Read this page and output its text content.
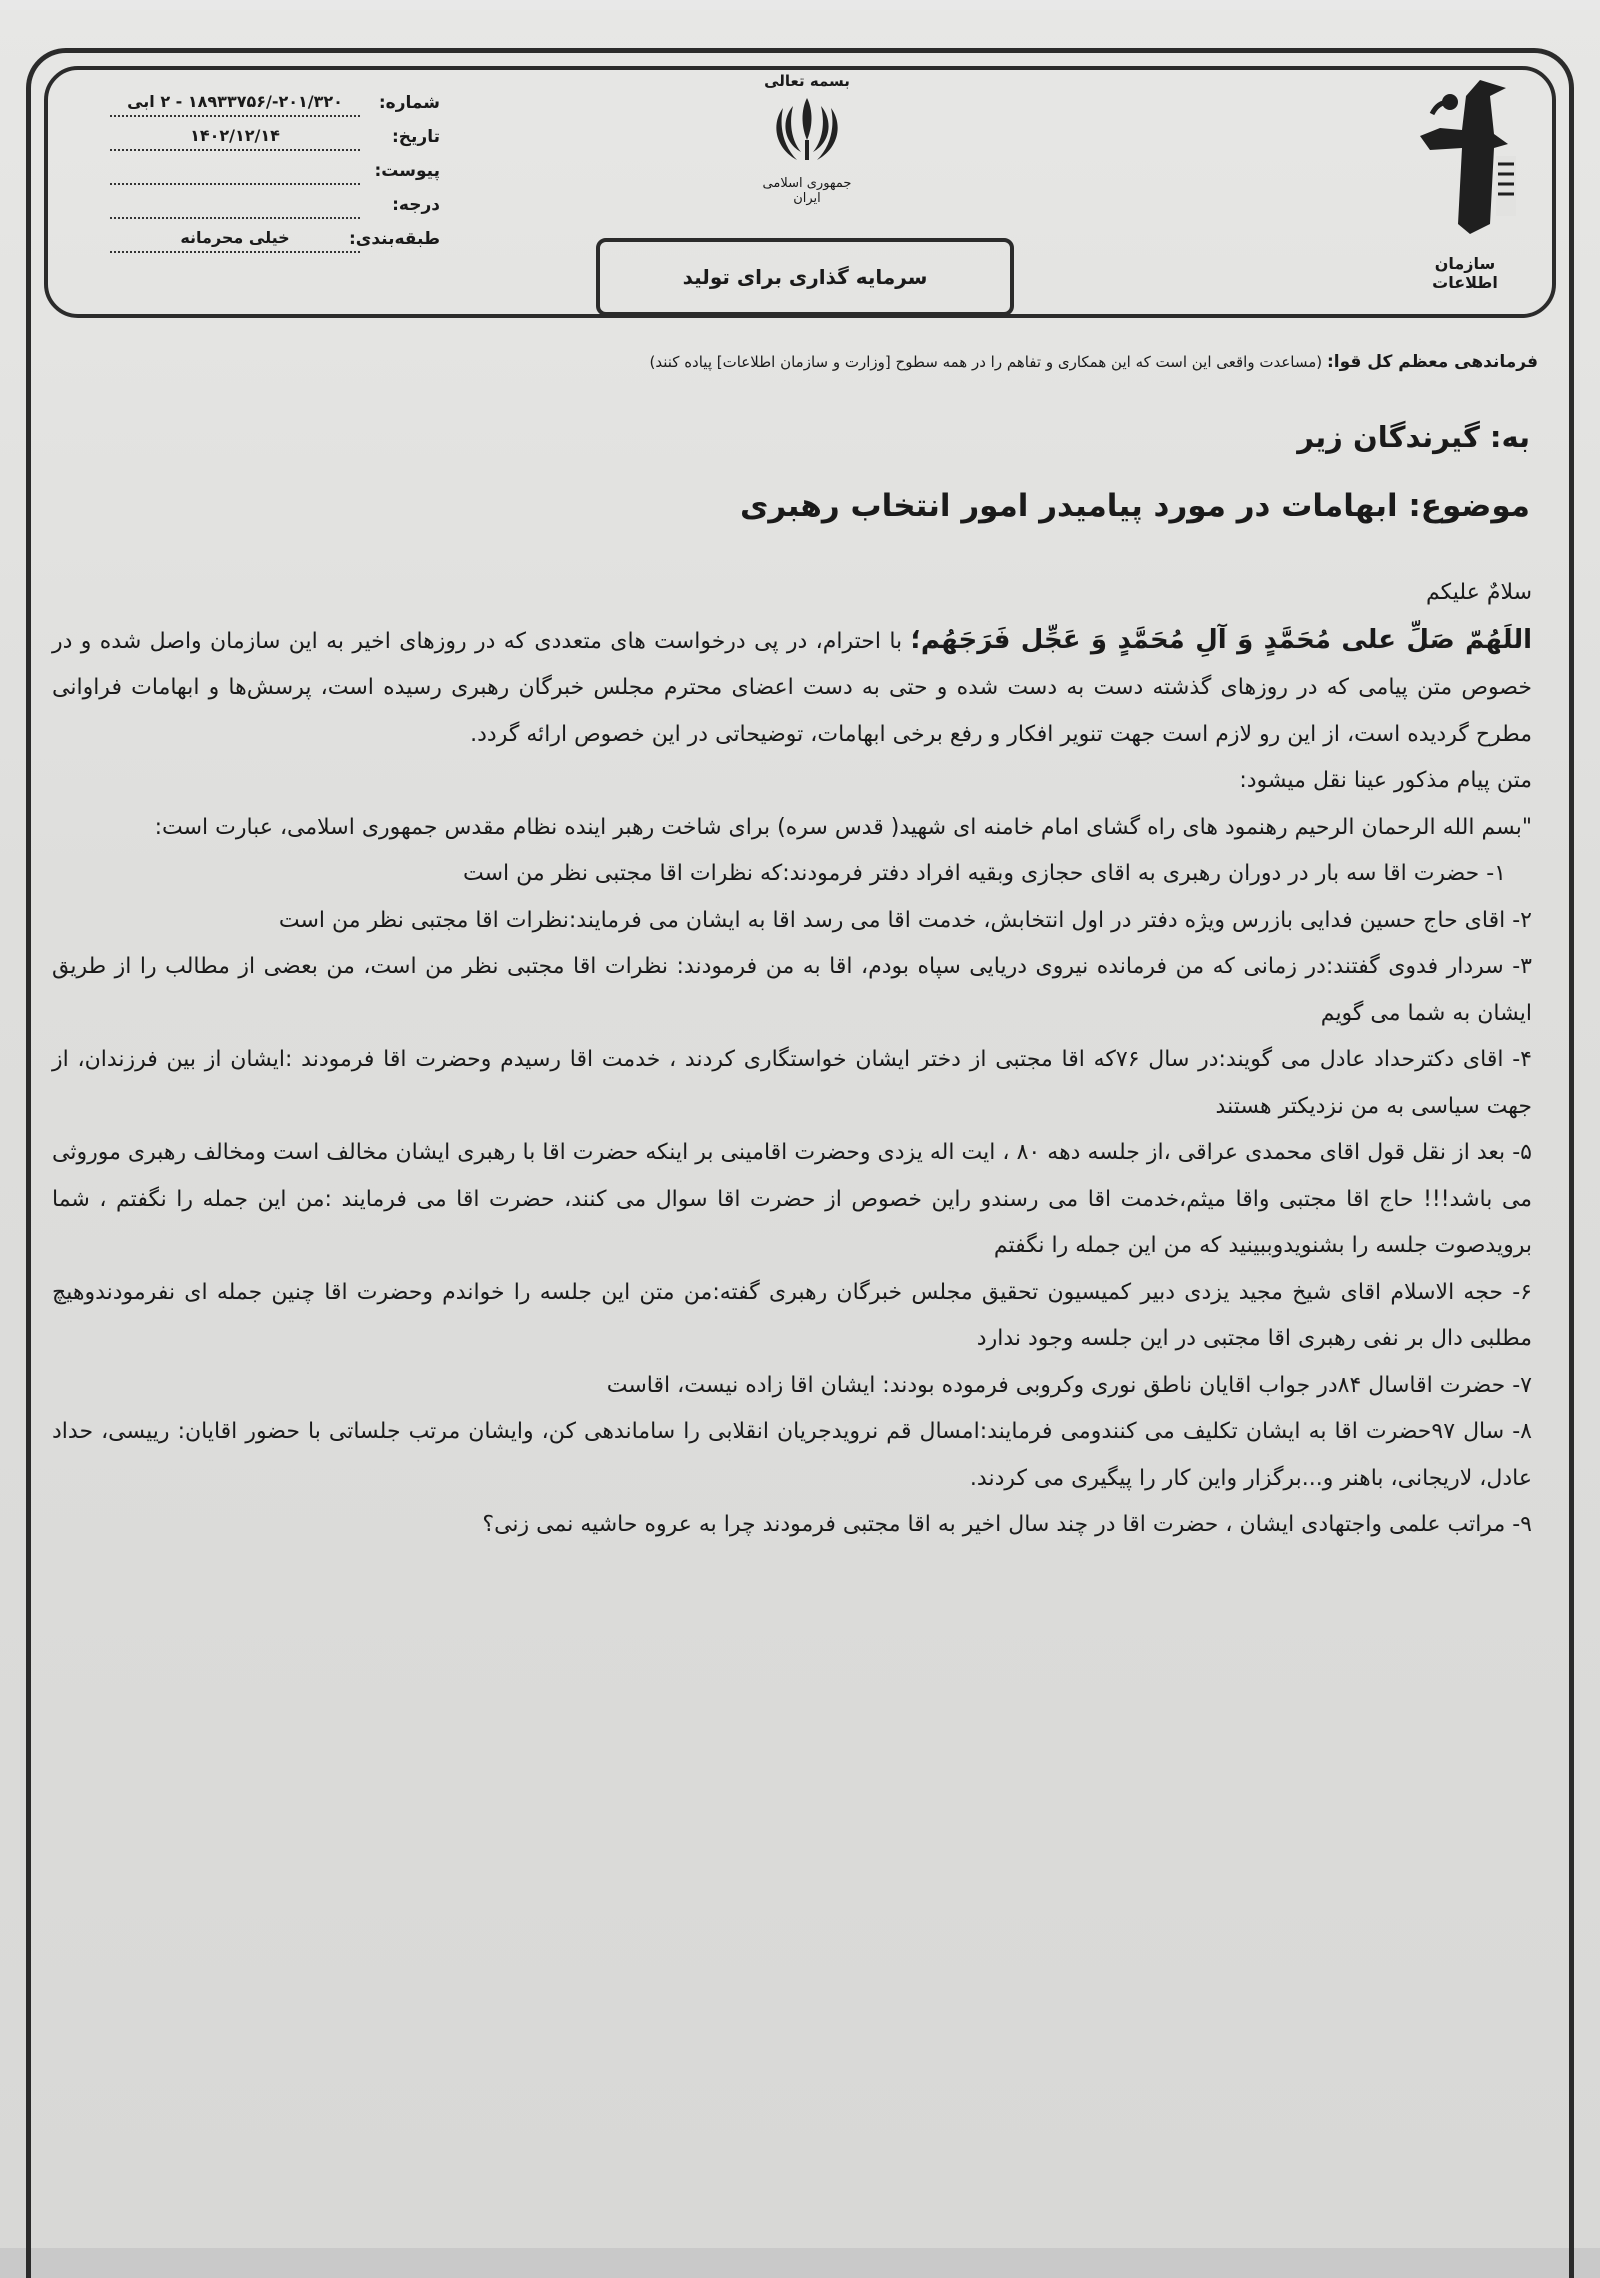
شماره:
۲۰۱/۳۲۰-/۱۸۹۳۳۷۵۶ - ۲ ابی
تاریخ:
۱۴۰۲/۱۲/۱۴
پیوست:
درجه:
طبقه‌بندی:
خیلی محرمانه
بسمه تعالی
جمهوری اسلامی ایران
سرمایه گذاری برای تولید
سازمان اطلاعات
فرماندهی معظم کل قوا: (مساعدت واقعی این است که این همکاری و تفاهم را در همه سطوح [وزارت و سازمان اطلاعات] پیاده کنند)
به: گیرندگان زیر
موضوع: ابهامات در مورد پیامیدر امور انتخاب رهبری

سلامٌ علیکم

اللَهُمّ صَلِّ علی مُحَمَّدٍ وَ آلِ مُحَمَّدٍ وَ عَجِّل فَرَجَهُم؛ با احترام، در پی درخواست های متعددی که در روزهای اخیر به این سازمان واصل شده و در خصوص متن پیامی که در روزهای گذشته دست به دست شده و حتی به دست اعضای محترم مجلس خبرگان رهبری رسیده است، پرسش‌ها و ابهامات فراوانی مطرح گردیده است، از این رو لازم است جهت تنویر افکار و رفع برخی ابهامات، توضیحاتی در این خصوص ارائه گردد.

متن پیام مذکور عینا نقل میشود:

"بسم الله الرحمان الرحیم رهنمود های راه گشای امام خامنه ای شهید( قدس سره) برای شاخت رهبر اینده نظام مقدس جمهوری اسلامی، عبارت است:

۱- حضرت اقا سه بار در دوران رهبری به اقای حجازی وبقیه افراد دفتر فرمودند:که نظرات اقا مجتبی نظر من است

۲- اقای حاج حسین فدایی بازرس ویژه دفتر در اول انتخابش، خدمت اقا می رسد اقا به ایشان می فرمایند:نظرات اقا مجتبی نظر من است

۳- سردار فدوی گفتند:در زمانی که من فرمانده نیروی دریایی سپاه بودم، اقا به من فرمودند: نظرات اقا مجتبی نظر من است، من بعضی از مطالب را از طریق ایشان به شما می گویم

۴- اقای دکترحداد عادل می گویند:در سال ۷۶که اقا مجتبی از دختر ایشان خواستگاری کردند ، خدمت اقا رسیدم وحضرت اقا فرمودند :ایشان از بین فرزندان، از جهت سیاسی به من نزدیکتر هستند

۵- بعد از نقل قول اقای محمدی عراقی ،از جلسه دهه ۸۰ ، ایت اله یزدی وحضرت اقامینی بر اینکه حضرت اقا با رهبری ایشان مخالف است ومخالف رهبری موروثی می باشد!!! حاج اقا مجتبی واقا میثم،خدمت اقا می رسندو راین خصوص از حضرت اقا سوال می کنند، حضرت اقا می فرمایند :من این جمله را نگفتم ، شما بروید‌صوت جلسه را بشنویدوببینید که من این جمله را نگفتم

۶- حجه الاسلام اقای شیخ مجید یزدی دبیر کمیسیون تحقیق مجلس خبرگان رهبری گفته:من متن این جلسه را خواندم وحضرت اقا چنین جمله ای نفرمودندوهیچ مطلبی دال بر نفی رهبری اقا مجتبی در این جلسه وجود ندارد

۷- حضرت اقاسال ۸۴در جواب اقایان ناطق نوری وکروبی فرموده بودند: ایشان اقا زاده نیست، اقاست

۸- سال ۹۷حضرت اقا به ایشان تکلیف می کنندومی فرمایند:امسال قم نرویدجریان انقلابی را ساماندهی کن، وایشان مرتب جلساتی با حضور اقایان: رییسی، حداد عادل، لاریجانی، باهنر و...برگزار واین کار را پیگیری می کردند.

۹- مراتب علمی واجتهادی ایشان ، حضرت اقا در چند سال اخیر به اقا مجتبی فرمودند چرا به عروه حاشیه نمی زنی؟
